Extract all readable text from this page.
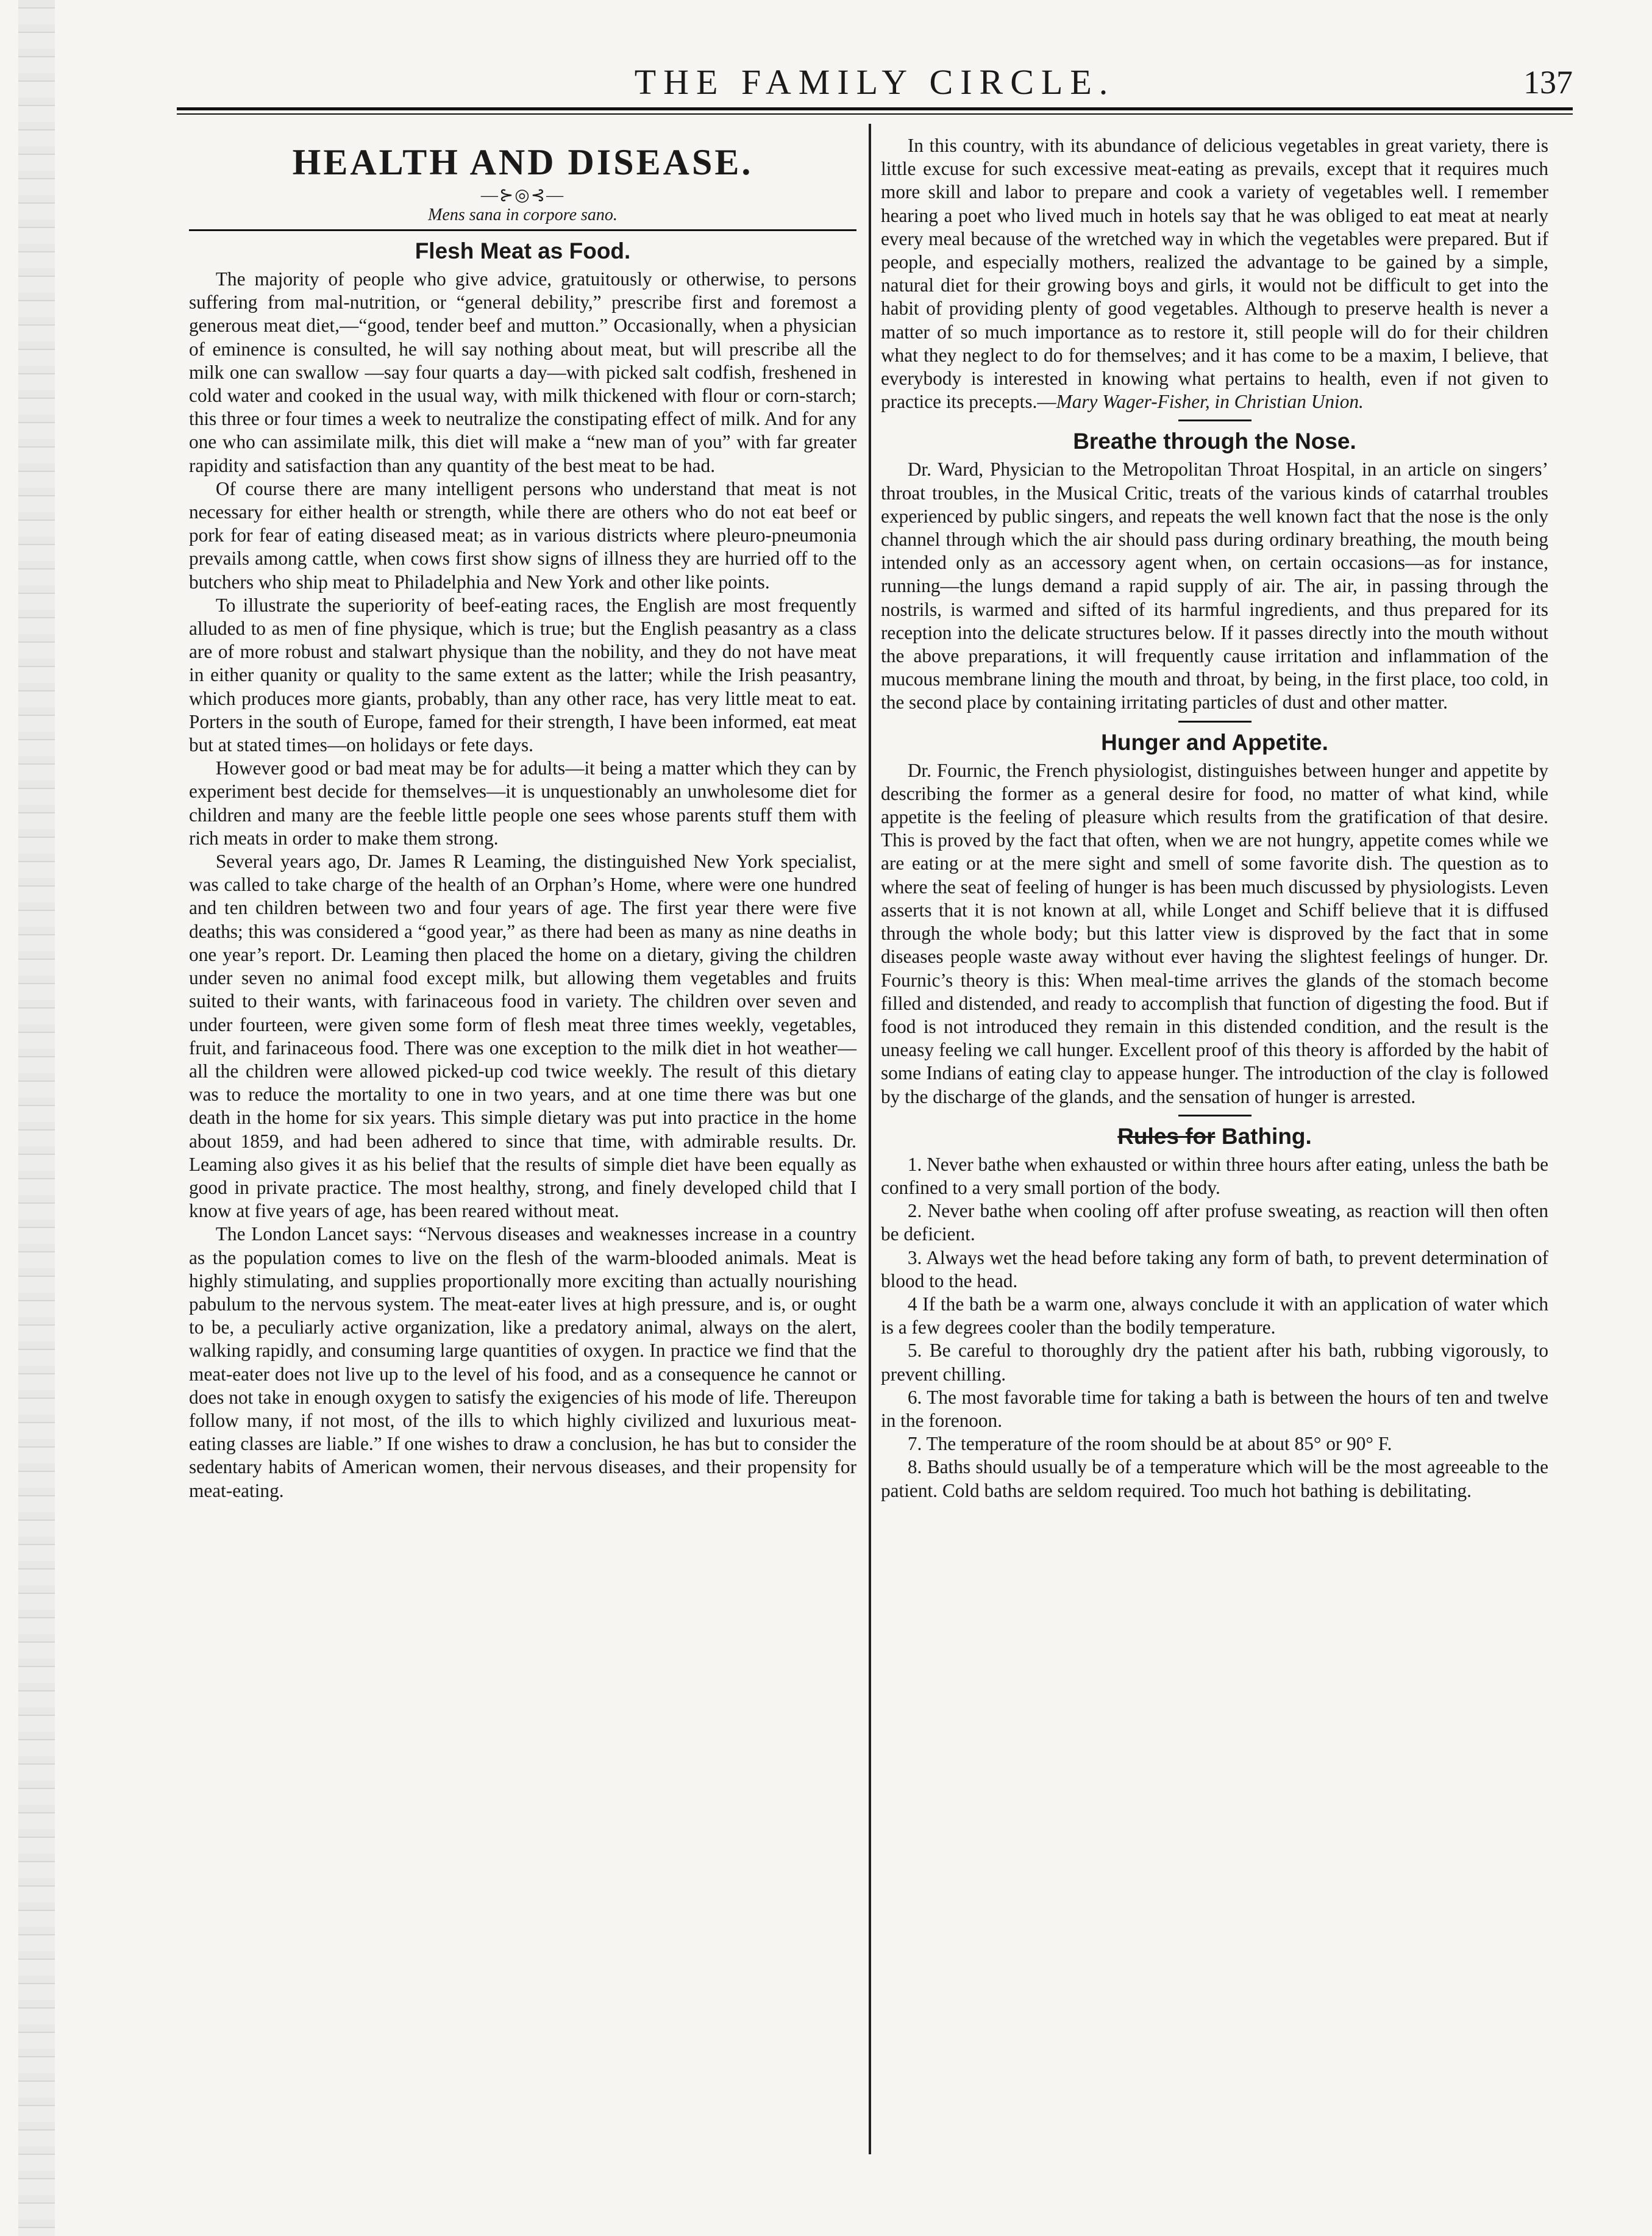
THE FAMILY CIRCLE.	137
HEALTH AND DISEASE.
—⊱◎⊰—
Mens sana in corpore sano.
Flesh Meat as Food.

The majority of people who give advice, gratuitously or otherwise, to persons suffering from mal-nutrition, or “general debility,” prescribe first and foremost a generous meat diet,—“good, tender beef and mutton.” Occasionally, when a physician of eminence is consulted, he will say nothing about meat, but will prescribe all the milk one can swallow —say four quarts a day—with picked salt codfish, freshened in cold water and cooked in the usual way, with milk thickened with flour or corn-starch; this three or four times a week to neutralize the constipating effect of milk. And for any one who can assimilate milk, this diet will make a “new man of you” with far greater rapidity and satisfaction than any quantity of the best meat to be had.

Of course there are many intelligent persons who understand that meat is not necessary for either health or strength, while there are others who do not eat beef or pork for fear of eating diseased meat; as in various districts where pleuro-pneumonia prevails among cattle, when cows first show signs of illness they are hurried off to the butchers who ship meat to Philadelphia and New York and other like points.

To illustrate the superiority of beef-eating races, the English are most frequently alluded to as men of fine physique, which is true; but the English peasantry as a class are of more robust and stalwart physique than the nobility, and they do not have meat in either quanity or quality to the same extent as the latter; while the Irish peasantry, which produces more giants, probably, than any other race, has very little meat to eat. Porters in the south of Europe, famed for their strength, I have been informed, eat meat but at stated times—on holidays or fete days.

However good or bad meat may be for adults—it being a matter which they can by experiment best decide for themselves—it is unquestionably an unwholesome diet for children and many are the feeble little people one sees whose parents stuff them with rich meats in order to make them strong.

Several years ago, Dr. James R Leaming, the distinguished New York specialist, was called to take charge of the health of an Orphan’s Home, where were one hundred and ten children between two and four years of age. The first year there were five deaths; this was considered a “good year,” as there had been as many as nine deaths in one year’s report. Dr. Leaming then placed the home on a dietary, giving the children under seven no animal food except milk, but allowing them vegetables and fruits suited to their wants, with farinaceous food in variety. The children over seven and under fourteen, were given some form of flesh meat three times weekly, vegetables, fruit, and farinaceous food. There was one exception to the milk diet in hot weather—all the children were allowed picked-up cod twice weekly. The result of this dietary was to reduce the mortality to one in two years, and at one time there was but one death in the home for six years. This simple dietary was put into practice in the home about 1859, and had been adhered to since that time, with admirable results. Dr. Leaming also gives it as his belief that the results of simple diet have been equally as good in private practice. The most healthy, strong, and finely developed child that I know at five years of age, has been reared without meat.

The London Lancet says: “Nervous diseases and weaknesses increase in a country as the population comes to live on the flesh of the warm-blooded animals. Meat is highly stimulating, and supplies proportionally more exciting than actually nourishing pabulum to the nervous system. The meat-eater lives at high pressure, and is, or ought to be, a peculiarly active organization, like a predatory animal, always on the alert, walking rapidly, and consuming large quantities of oxygen. In practice we find that the meat-eater does not live up to the level of his food, and as a consequence he cannot or does not take in enough oxygen to satisfy the exigencies of his mode of life. Thereupon follow many, if not most, of the ills to which highly civilized and luxurious meat-eating classes are liable.” If one wishes to draw a conclusion, he has but to consider the sedentary habits of American women, their nervous diseases, and their propensity for meat-eating.

In this country, with its abundance of delicious vegetables in great variety, there is little excuse for such excessive meat-eating as prevails, except that it requires much more skill and labor to prepare and cook a variety of vegetables well. I remember hearing a poet who lived much in hotels say that he was obliged to eat meat at nearly every meal because of the wretched way in which the vegetables were prepared. But if people, and especially mothers, realized the advantage to be gained by a simple, natural diet for their growing boys and girls, it would not be difficult to get into the habit of providing plenty of good vegetables. Although to preserve health is never a matter of so much importance as to restore it, still people will do for their children what they neglect to do for themselves; and it has come to be a maxim, I believe, that everybody is interested in knowing what pertains to health, even if not given to practice its precepts.—Mary Wager-Fisher, in Christian Union.

Breathe through the Nose.

Dr. Ward, Physician to the Metropolitan Throat Hospital, in an article on singers’ throat troubles, in the Musical Critic, treats of the various kinds of catarrhal troubles experienced by public singers, and repeats the well known fact that the nose is the only channel through which the air should pass during ordinary breathing, the mouth being intended only as an accessory agent when, on certain occasions—as for instance, running—the lungs demand a rapid supply of air. The air, in passing through the nostrils, is warmed and sifted of its harmful ingredients, and thus prepared for its reception into the delicate structures below. If it passes directly into the mouth without the above preparations, it will frequently cause irritation and inflammation of the mucous membrane lining the mouth and throat, by being, in the first place, too cold, in the second place by containing irritating particles of dust and other matter.

Hunger and Appetite.

Dr. Fournic, the French physiologist, distinguishes between hunger and appetite by describing the former as a general desire for food, no matter of what kind, while appetite is the feeling of pleasure which results from the gratification of that desire. This is proved by the fact that often, when we are not hungry, appetite comes while we are eating or at the mere sight and smell of some favorite dish. The question as to where the seat of feeling of hunger is has been much discussed by physiologists. Leven asserts that it is not known at all, while Longet and Schiff believe that it is diffused through the whole body; but this latter view is disproved by the fact that in some diseases people waste away without ever having the slightest feelings of hunger. Dr. Fournic’s theory is this: When meal-time arrives the glands of the stomach become filled and distended, and ready to accomplish that function of digesting the food. But if food is not introduced they remain in this distended condition, and the result is the uneasy feeling we call hunger. Excellent proof of this theory is afforded by the habit of some Indians of eating clay to appease hunger. The introduction of the clay is followed by the discharge of the glands, and the sensation of hunger is arrested.

Rules for Bathing.

1. Never bathe when exhausted or within three hours after eating, unless the bath be confined to a very small portion of the body.

2. Never bathe when cooling off after profuse sweating, as reaction will then often be deficient.

3. Always wet the head before taking any form of bath, to prevent determination of blood to the head.

4 If the bath be a warm one, always conclude it with an application of water which is a few degrees cooler than the bodily temperature.

5. Be careful to thoroughly dry the patient after his bath, rubbing vigorously, to prevent chilling.

6. The most favorable time for taking a bath is between the hours of ten and twelve in the forenoon.

7. The temperature of the room should be at about 85° or 90° F.

8. Baths should usually be of a temperature which will be the most agreeable to the patient. Cold baths are seldom required. Too much hot bathing is debilitating.
